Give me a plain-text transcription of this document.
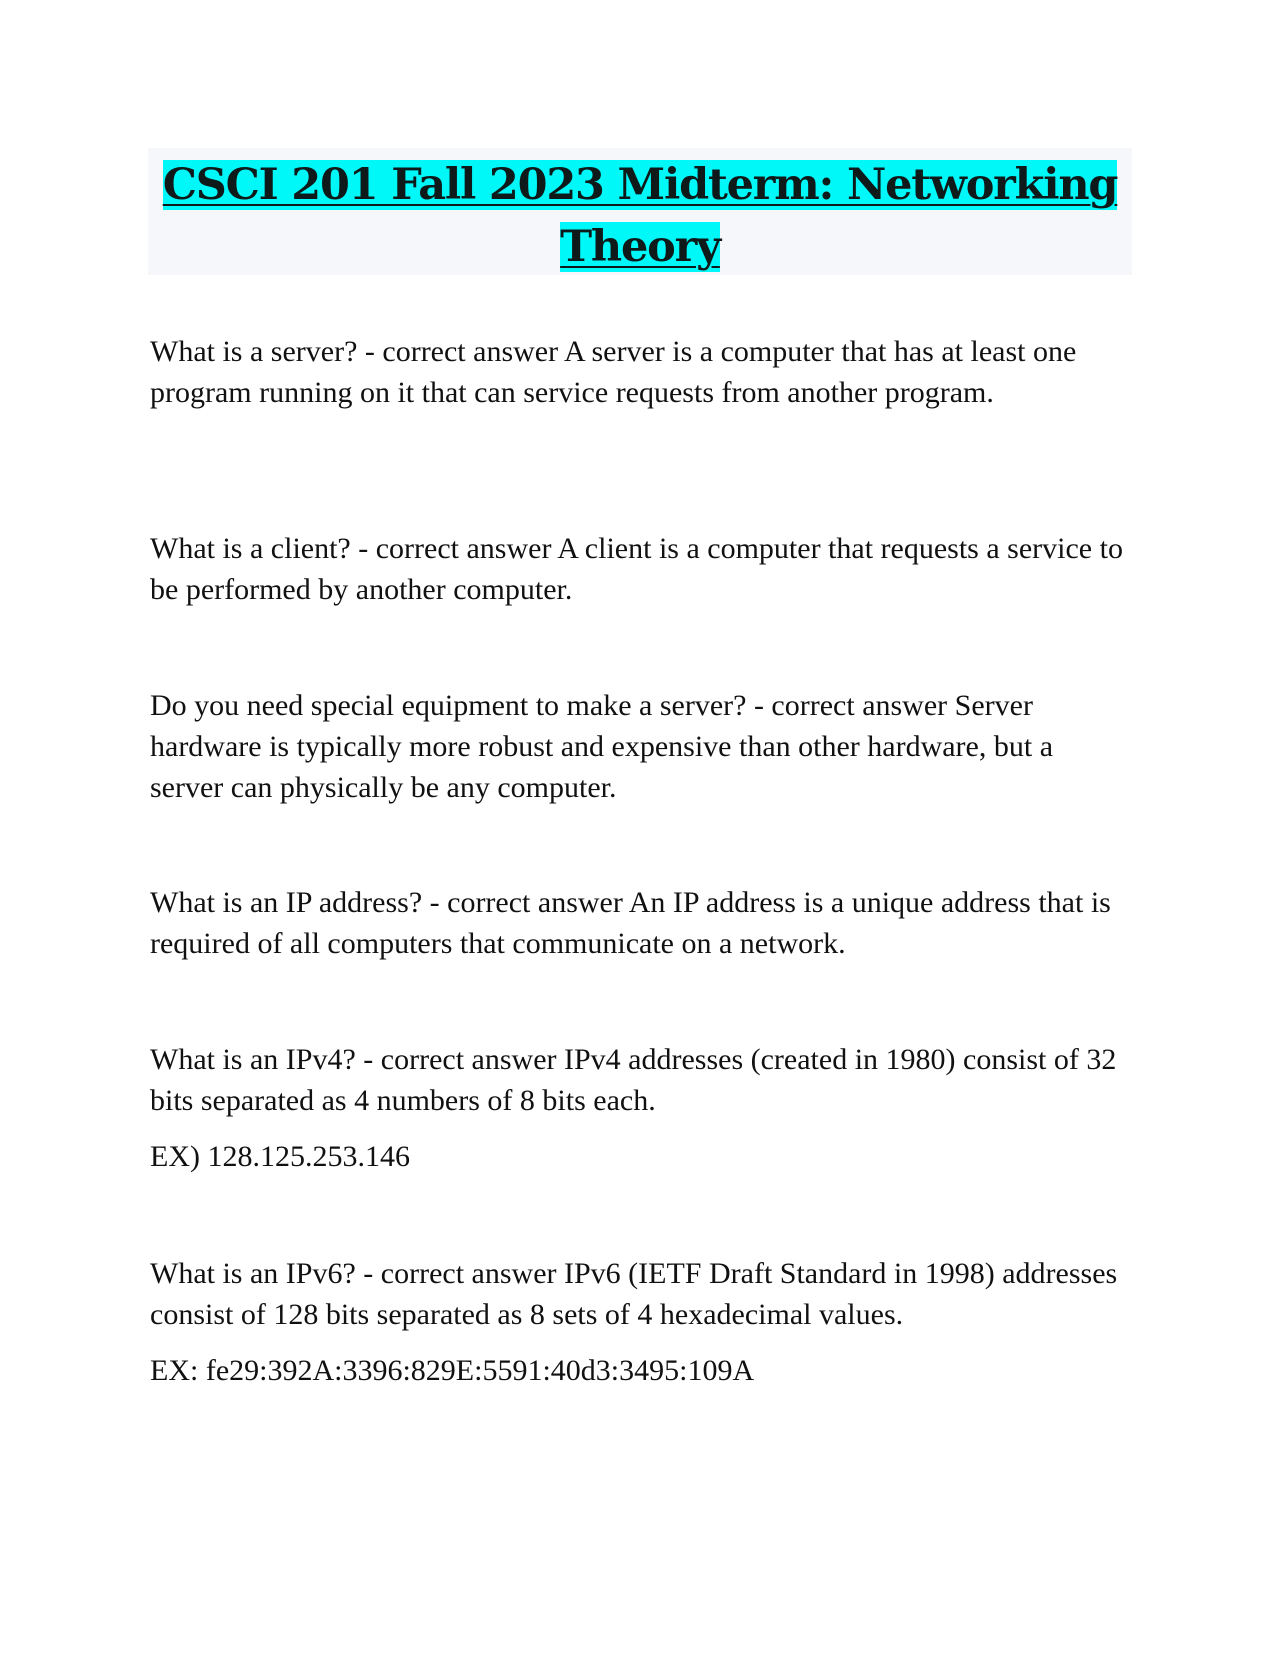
CSCI 201 Fall 2023 Midterm: Networking Theory

What is a server? - correct answer A server is a computer that has at least one program running on it that can service requests from another program.

What is a client? - correct answer A client is a computer that requests a service to be performed by another computer.

Do you need special equipment to make a server? - correct answer Server hardware is typically more robust and expensive than other hardware, but a server can physically be any computer.

What is an IP address? - correct answer An IP address is a unique address that is required of all computers that communicate on a network.

What is an IPv4? - correct answer IPv4 addresses (created in 1980) consist of 32 bits separated as 4 numbers of 8 bits each.

EX) 128.125.253.146

What is an IPv6? - correct answer IPv6 (IETF Draft Standard in 1998) addresses consist of 128 bits separated as 8 sets of 4 hexadecimal values.

EX: fe29:392A:3396:829E:5591:40d3:3495:109A
